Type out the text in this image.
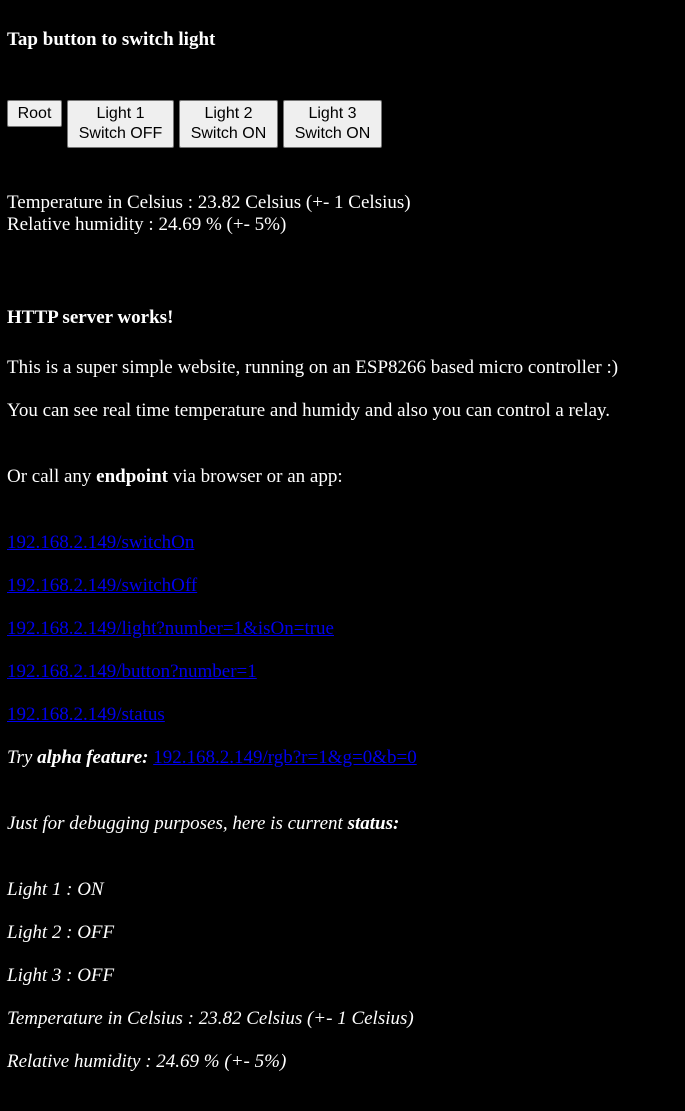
Tap button to switch light
Root	Light 1
Switch OFF
Light 2
Switch ON
Light 3
Switch ON
Temperature in Celsius : 23.82 Celsius (+- 1 Celsius)
Relative humidity : 24.69 % (+- 5%)
HTTP server works!
This is a super simple website, running on an ESP8266 based micro controller :)
You can see real time temperature and humidy and also you can control a relay.
Or call any endpoint via browser or an app:
192.168.2.149/switchOn
192.168.2.149/switchOff
192.168.2.149/light?number=1&isOn=true
192.168.2.149/button?number=1
192.168.2.149/status
Try alpha feature: 192.168.2.149/rgb?r=1&g=0&b=0
Just for debugging purposes, here is current status:
Light 1 : ON
Light 2 : OFF
Light 3 : OFF
Temperature in Celsius : 23.82 Celsius (+- 1 Celsius)
Relative humidity : 24.69 % (+- 5%)
